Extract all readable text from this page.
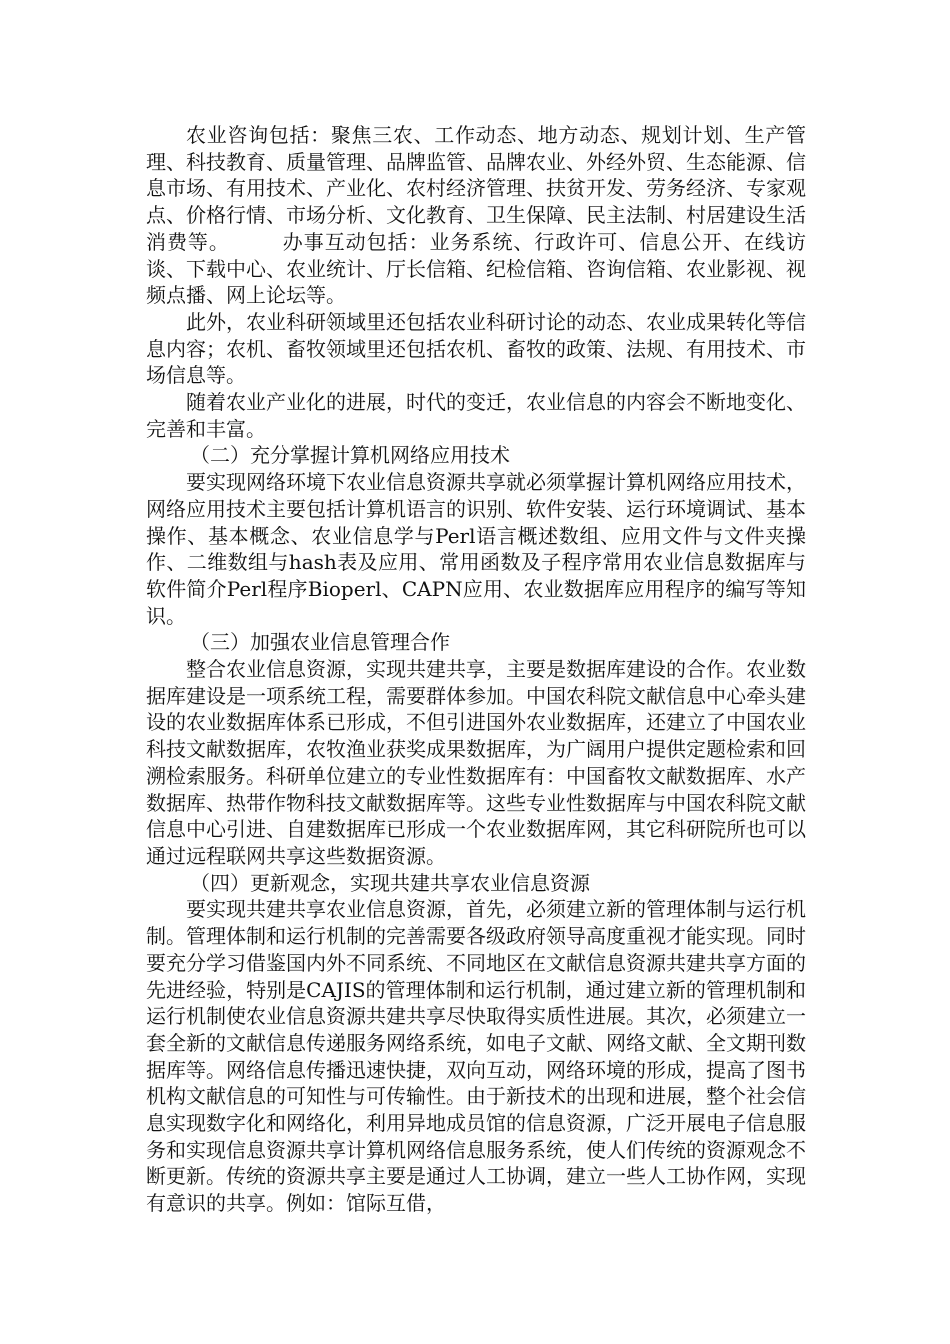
农业咨询包括：聚焦三农、工作动态、地方动态、规划计划、生产管理、科技教育、质量管理、品牌监管、品牌农业、外经外贸、生态能源、信息市场、有用技术、产业化、农村经济管理、扶贫开发、劳务经济、专家观点、价格行情、市场分析、文化教育、卫生保障、民主法制、村居建设生活消费等。　　　办事互动包括：业务系统、行政许可、信息公开、在线访谈、下载中心、农业统计、厅长信箱、纪检信箱、咨询信箱、农业影视、视频点播、网上论坛等。

此外，农业科研领域里还包括农业科研讨论的动态、农业成果转化等信息内容；农机、畜牧领域里还包括农机、畜牧的政策、法规、有用技术、市场信息等。

随着农业产业化的进展，时代的变迁，农业信息的内容会不断地变化、完善和丰富。

（二）充分掌握计算机网络应用技术

要实现网络环境下农业信息资源共享就必须掌握计算机网络应用技术，网络应用技术主要包括计算机语言的识别、软件安装、运行环境调试、基本操作、基本概念、农业信息学与Perl语言概述数组、应用文件与文件夹操作、二维数组与hash表及应用、常用函数及子程序常用农业信息数据库与软件简介Perl程序Bioperl、CAPN应用、农业数据库应用程序的编写等知识。

（三）加强农业信息管理合作

整合农业信息资源，实现共建共享，主要是数据库建设的合作。农业数据库建设是一项系统工程，需要群体参加。中国农科院文献信息中心牵头建设的农业数据库体系已形成，不但引进国外农业数据库，还建立了中国农业科技文献数据库，农牧渔业获奖成果数据库，为广阔用户提供定题检索和回溯检索服务。科研单位建立的专业性数据库有：中国畜牧文献数据库、水产数据库、热带作物科技文献数据库等。这些专业性数据库与中国农科院文献信息中心引进、自建数据库已形成一个农业数据库网，其它科研院所也可以通过远程联网共享这些数据资源。

（四）更新观念，实现共建共享农业信息资源

要实现共建共享农业信息资源，首先，必须建立新的管理体制与运行机制。管理体制和运行机制的完善需要各级政府领导高度重视才能实现。同时要充分学习借鉴国内外不同系统、不同地区在文献信息资源共建共享方面的先进经验，特别是CAJIS的管理体制和运行机制，通过建立新的管理机制和运行机制使农业信息资源共建共享尽快取得实质性进展。其次，必须建立一套全新的文献信息传递服务网络系统，如电子文献、网络文献、全文期刊数据库等。网络信息传播迅速快捷，双向互动，网络环境的形成，提高了图书机构文献信息的可知性与可传输性。由于新技术的出现和进展，整个社会信息实现数字化和网络化，利用异地成员馆的信息资源，广泛开展电子信息服务和实现信息资源共享计算机网络信息服务系统，使人们传统的资源观念不断更新。传统的资源共享主要是通过人工协调，建立一些人工协作网，实现有意识的共享。例如：馆际互借，
